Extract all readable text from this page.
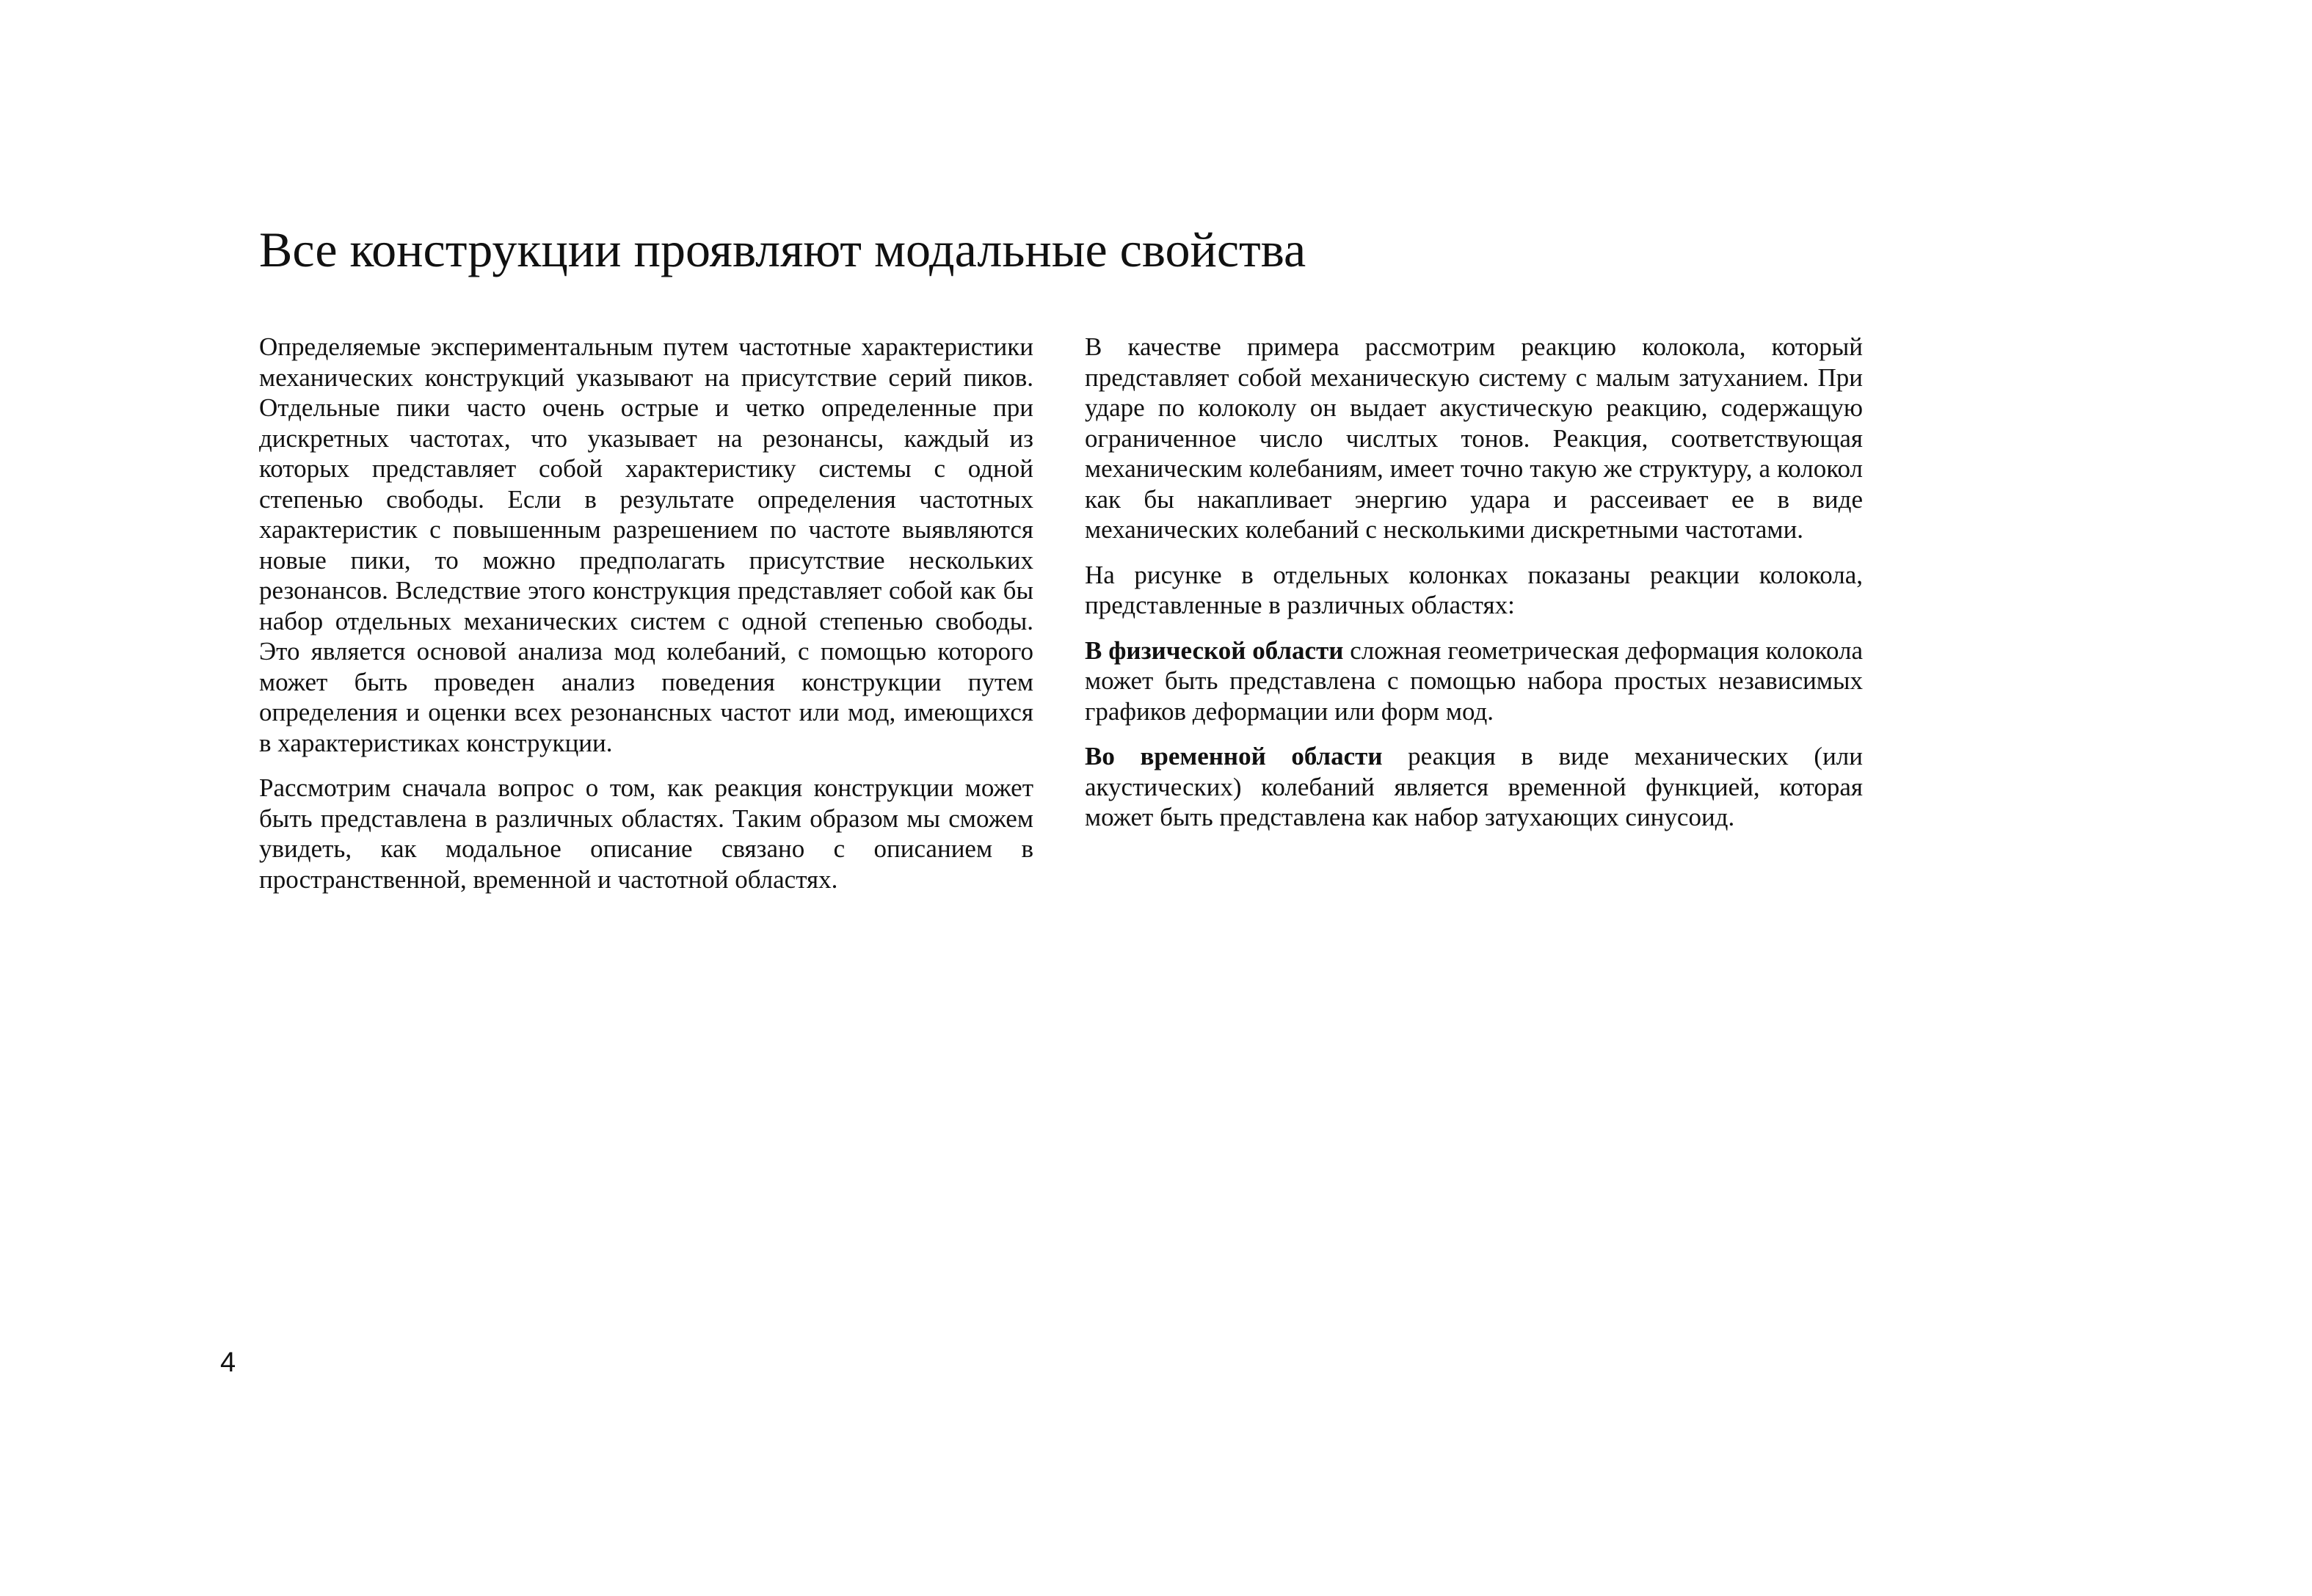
Все конструкции проявляют модальные свойства

Определяемые экспериментальным путем частотные характеристики механических конструкций указывают на присутствие серий пиков. Отдельные пики часто очень острые и четко определенные при дискретных частотах, что указывает на резонансы, каждый из которых представляет собой характеристику системы с одной степенью свободы. Если в результате определения частотных характеристик с повышенным разрешением по частоте выявляются новые пики, то можно предполагать присутствие нескольких резонансов. Вследствие этого конструкция представляет собой как бы набор отдельных механических систем с одной степенью свободы. Это является основой анализа мод колебаний, с помощью которого может быть проведен анализ поведения конструкции путем определения и оценки всех резонансных частот или мод, имеющихся в характеристиках конструкции.

Рассмотрим сначала вопрос о том, как реакция конструкции может быть представлена в различных областях. Таким образом мы сможем увидеть, как модальное описание связано с описанием в пространственной, временной и частотной областях.

В качестве примера рассмотрим реакцию колокола, который представляет собой механическую систему с малым затуханием. При ударе по колоколу он выдает акустическую реакцию, содержащую ограниченное число числтых тонов. Реакция, соответствующая механическим колебаниям, имеет точно такую же структуру, а колокол как бы накапливает энергию удара и рассеивает ее в виде механических колебаний с несколькими дискретными частотами.

На рисунке в отдельных колонках показаны реакции колокола, представленные в различных областях:

В физической области сложная геометрическая деформация колокола может быть представлена с помощью набора простых независимых графиков деформации или форм мод.

Во временной области реакция в виде механических (или акустических) колебаний является временной функцией, которая может быть представлена как набор затухающих синусоид.

4
